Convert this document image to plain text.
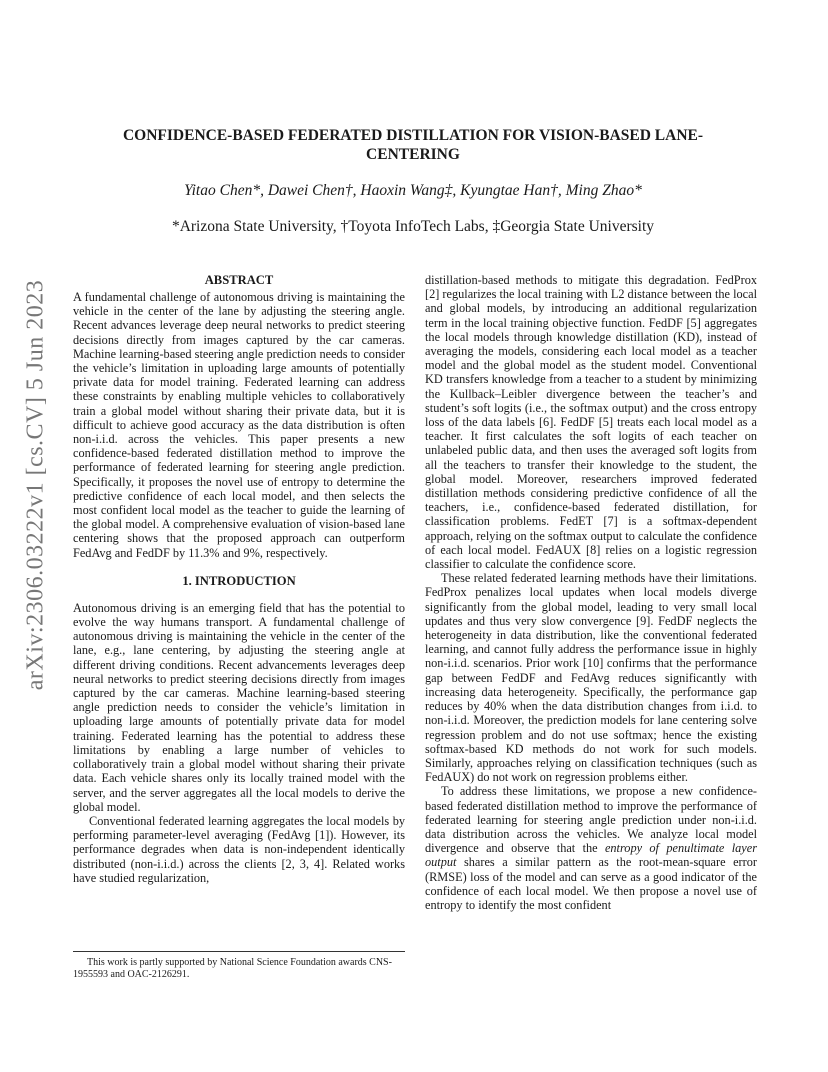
arXiv:2306.03222v1 [cs.CV] 5 Jun 2023
CONFIDENCE-BASED FEDERATED DISTILLATION FOR VISION-BASED LANE-CENTERING
Yitao Chen*, Dawei Chen†, Haoxin Wang‡, Kyungtae Han†, Ming Zhao*
*Arizona State University, †Toyota InfoTech Labs, ‡Georgia State University
ABSTRACT

A fundamental challenge of autonomous driving is maintaining the vehicle in the center of the lane by adjusting the steering angle. Recent advances leverage deep neural networks to predict steering decisions directly from images captured by the car cameras. Machine learning-based steering angle prediction needs to consider the vehicle’s limitation in uploading large amounts of potentially private data for model training. Federated learning can address these constraints by enabling multiple vehicles to collaboratively train a global model without sharing their private data, but it is difficult to achieve good accuracy as the data distribution is often non-i.i.d. across the vehicles. This paper presents a new confidence-based federated distillation method to improve the performance of federated learning for steering angle prediction. Specifically, it proposes the novel use of entropy to determine the predictive confidence of each local model, and then selects the most confident local model as the teacher to guide the learning of the global model. A comprehensive evaluation of vision-based lane centering shows that the proposed approach can outperform FedAvg and FedDF by 11.3% and 9%, respectively.

1. INTRODUCTION

Autonomous driving is an emerging field that has the potential to evolve the way humans transport. A fundamental challenge of autonomous driving is maintaining the vehicle in the center of the lane, e.g., lane centering, by adjusting the steering angle at different driving conditions. Recent advancements leverages deep neural networks to predict steering decisions directly from images captured by the car cameras. Machine learning-based steering angle prediction needs to consider the vehicle’s limitation in uploading large amounts of potentially private data for model training. Federated learning has the potential to address these limitations by enabling a large number of vehicles to collaboratively train a global model without sharing their private data. Each vehicle shares only its locally trained model with the server, and the server aggregates all the local models to derive the global model.

Conventional federated learning aggregates the local models by performing parameter-level averaging (FedAvg [1]). However, its performance degrades when data is non-independent identically distributed (non-i.i.d.) across the clients [2, 3, 4]. Related works have studied regularization,

distillation-based methods to mitigate this degradation. FedProx [2] regularizes the local training with L2 distance between the local and global models, by introducing an additional regularization term in the local training objective function. FedDF [5] aggregates the local models through knowledge distillation (KD), instead of averaging the models, considering each local model as a teacher model and the global model as the student model. Conventional KD transfers knowledge from a teacher to a student by minimizing the Kullback–Leibler divergence between the teacher’s and student’s soft logits (i.e., the softmax output) and the cross entropy loss of the data labels [6]. FedDF [5] treats each local model as a teacher. It first calculates the soft logits of each teacher on unlabeled public data, and then uses the averaged soft logits from all the teachers to transfer their knowledge to the student, the global model. Moreover, researchers improved federated distillation methods considering predictive confidence of all the teachers, i.e., confidence-based federated distillation, for classification problems. FedET [7] is a softmax-dependent approach, relying on the softmax output to calculate the confidence of each local model. FedAUX [8] relies on a logistic regression classifier to calculate the confidence score.

These related federated learning methods have their limitations. FedProx penalizes local updates when local models diverge significantly from the global model, leading to very small local updates and thus very slow convergence [9]. FedDF neglects the heterogeneity in data distribution, like the conventional federated learning, and cannot fully address the performance issue in highly non-i.i.d. scenarios. Prior work [10] confirms that the performance gap between FedDF and FedAvg reduces significantly with increasing data heterogeneity. Specifically, the performance gap reduces by 40% when the data distribution changes from i.i.d. to non-i.i.d. Moreover, the prediction models for lane centering solve regression problem and do not use softmax; hence the existing softmax-based KD methods do not work for such models. Similarly, approaches relying on classification techniques (such as FedAUX) do not work on regression problems either.

To address these limitations, we propose a new confidence-based federated distillation method to improve the performance of federated learning for steering angle prediction under non-i.i.d. data distribution across the vehicles. We analyze local model divergence and observe that the entropy of penultimate layer output shares a similar pattern as the root-mean-square error (RMSE) loss of the model and can serve as a good indicator of the confidence of each local model. We then propose a novel use of entropy to identify the most confident

This work is partly supported by National Science Foundation awards CNS-1955593 and OAC-2126291.
